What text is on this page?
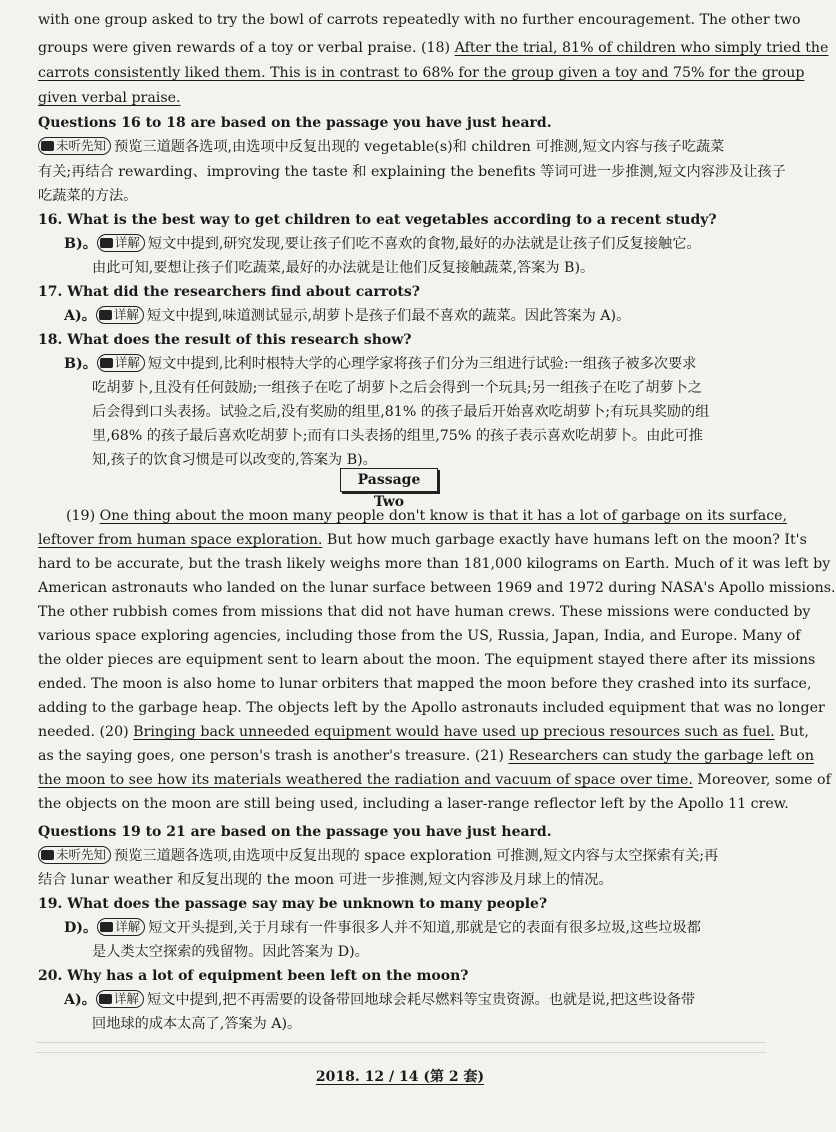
with one group asked to try the bowl of carrots repeatedly with no further encouragement. The other two
groups were given rewards of a toy or verbal praise. (18) After the trial, 81% of children who simply tried the
carrots consistently liked them. This is in contrast to 68% for the group given a toy and 75% for the group
given verbal praise.
Questions 16 to 18 are based on the passage you have just heard.
未听先知 预览三道题各选项,由选项中反复出现的 vegetable(s)和 children 可推测,短文内容与孩子吃蔬菜
有关;再结合 rewarding、improving the taste 和 explaining the benefits 等词可进一步推测,短文内容涉及让孩子
吃蔬菜的方法。
16. What is the best way to get children to eat vegetables according to a recent study?
B)。 详解 短文中提到,研究发现,要让孩子们吃不喜欢的食物,最好的办法就是让孩子们反复接触它。
由此可知,要想让孩子们吃蔬菜,最好的办法就是让他们反复接触蔬菜,答案为 B)。
17. What did the researchers find about carrots?
A)。 详解 短文中提到,味道测试显示,胡萝卜是孩子们最不喜欢的蔬菜。因此答案为 A)。
18. What does the result of this research show?
B)。 详解 短文中提到,比利时根特大学的心理学家将孩子们分为三组进行试验:一组孩子被多次要求
吃胡萝卜,且没有任何鼓励;一组孩子在吃了胡萝卜之后会得到一个玩具;另一组孩子在吃了胡萝卜之
后会得到口头表扬。试验之后,没有奖励的组里,81% 的孩子最后开始喜欢吃胡萝卜;有玩具奖励的组
里,68% 的孩子最后喜欢吃胡萝卜;而有口头表扬的组里,75% 的孩子表示喜欢吃胡萝卜。由此可推
知,孩子的饮食习惯是可以改变的,答案为 B)。
Passage Two
(19) One thing about the moon many people don't know is that it has a lot of garbage on its surface,
leftover from human space exploration. But how much garbage exactly have humans left on the moon? It's
hard to be accurate, but the trash likely weighs more than 181,000 kilograms on Earth. Much of it was left by
American astronauts who landed on the lunar surface between 1969 and 1972 during NASA's Apollo missions.
The other rubbish comes from missions that did not have human crews. These missions were conducted by
various space exploring agencies, including those from the US, Russia, Japan, India, and Europe. Many of
the older pieces are equipment sent to learn about the moon. The equipment stayed there after its missions
ended. The moon is also home to lunar orbiters that mapped the moon before they crashed into its surface,
adding to the garbage heap. The objects left by the Apollo astronauts included equipment that was no longer
needed. (20) Bringing back unneeded equipment would have used up precious resources such as fuel. But,
as the saying goes, one person's trash is another's treasure. (21) Researchers can study the garbage left on
the moon to see how its materials weathered the radiation and vacuum of space over time. Moreover, some of
the objects on the moon are still being used, including a laser-range reflector left by the Apollo 11 crew.
Questions 19 to 21 are based on the passage you have just heard.
未听先知 预览三道题各选项,由选项中反复出现的 space exploration 可推测,短文内容与太空探索有关;再
结合 lunar weather 和反复出现的 the moon 可进一步推测,短文内容涉及月球上的情况。
19. What does the passage say may be unknown to many people?
D)。 详解 短文开头提到,关于月球有一件事很多人并不知道,那就是它的表面有很多垃圾,这些垃圾都
是人类太空探索的残留物。因此答案为 D)。
20. Why has a lot of equipment been left on the moon?
A)。 详解 短文中提到,把不再需要的设备带回地球会耗尽燃料等宝贵资源。也就是说,把这些设备带
回地球的成本太高了,答案为 A)。
2018. 12 / 14 (第 2 套)
